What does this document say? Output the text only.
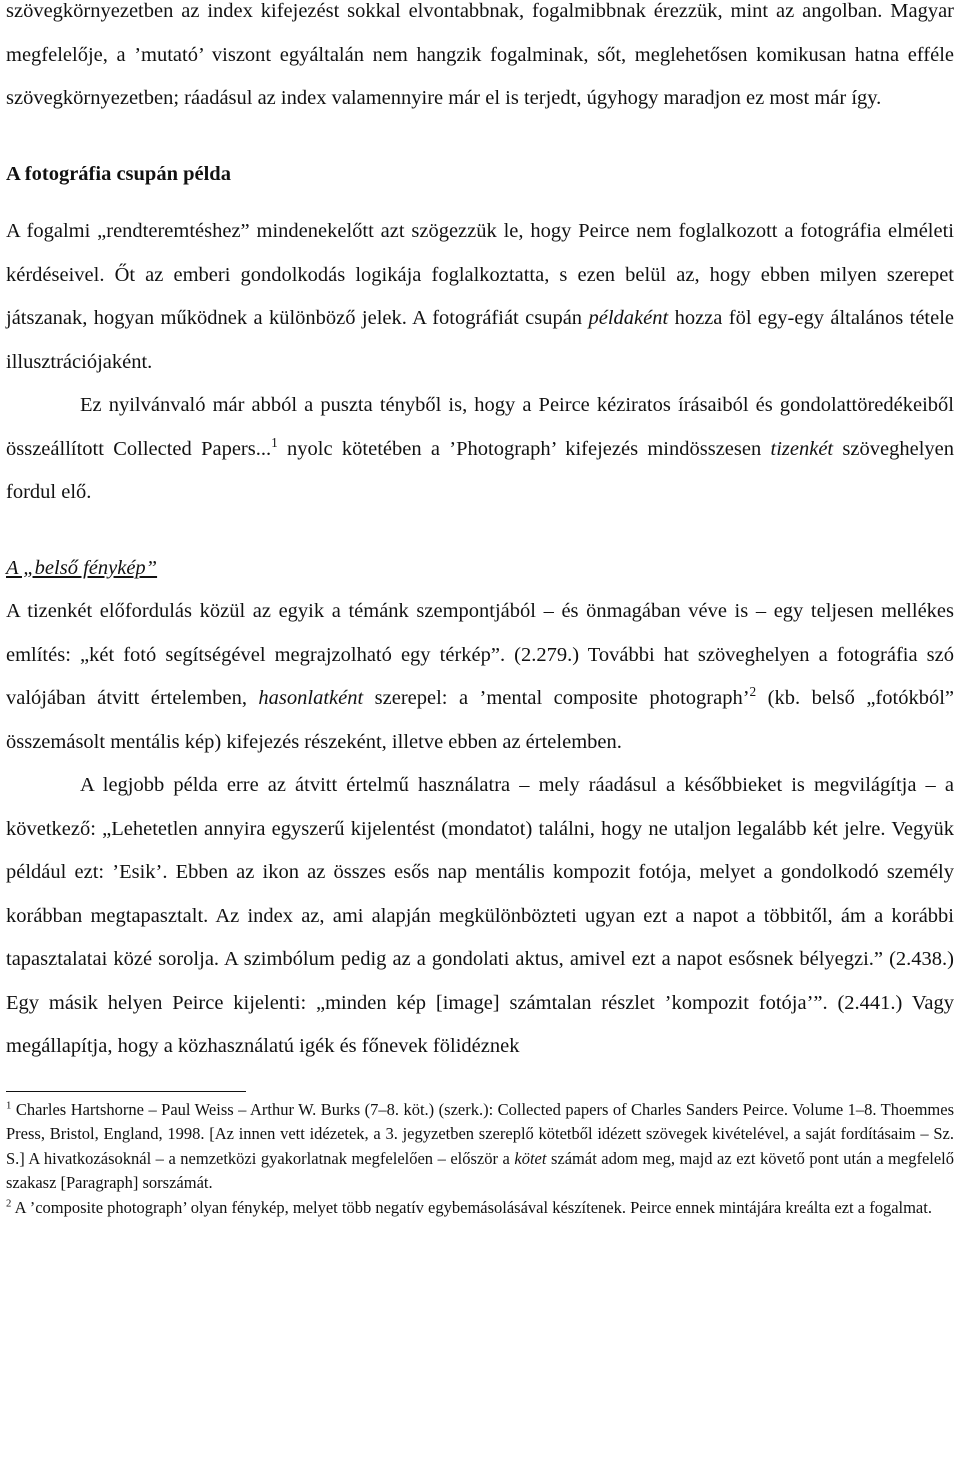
szövegkörnyezetben az index kifejezést sokkal elvontabbnak, fogalmibbnak érezzük, mint az angolban. Magyar megfelelője, a ’mutató’ viszont egyáltalán nem hangzik fogalminak, sőt, meglehetősen komikusan hatna efféle szövegkörnyezetben; ráadásul az index valamennyire már el is terjedt, úgyhogy maradjon ez most már így.

A fotográfia csupán példa

A fogalmi „rendteremtéshez” mindenekelőtt azt szögezzük le, hogy Peirce nem foglalkozott a fotográfia elméleti kérdéseivel. Őt az emberi gondolkodás logikája foglalkoztatta, s ezen belül az, hogy ebben milyen szerepet játszanak, hogyan működnek a különböző jelek. A fotográfiát csupán példaként hozza föl egy-egy általános tétele illusztrációjaként.

Ez nyilvánvaló már abból a puszta tényből is, hogy a Peirce kéziratos írásaiból és gondolattöredékeiből összeállított Collected Papers...$^1$ nyolc kötetében a ’Photograph’ kifejezés mindösszesen tizenkét szöveghelyen fordul elő.

A „belső fénykép”

A tizenkét előfordulás közül az egyik a témánk szempontjából – és önmagában véve is – egy teljesen mellékes említés: „két fotó segítségével megrajzolható egy térkép”. (2.279.) További hat szöveghelyen a fotográfia szó valójában átvitt értelemben, hasonlatként szerepel: a ’mental composite photograph’$^2$ (kb. belső „fotókból” összemásolt mentális kép) kifejezés részeként, illetve ebben az értelemben.

A legjobb példa erre az átvitt értelmű használatra – mely ráadásul a későbbieket is megvilágítja – a következő: „Lehetetlen annyira egyszerű kijelentést (mondatot) találni, hogy ne utaljon legalább két jelre. Vegyük például ezt: ’Esik’. Ebben az ikon az összes esős nap mentális kompozit fotója, melyet a gondolkodó személy korábban megtapasztalt. Az index az, ami alapján megkülönbözteti ugyan ezt a napot a többitől, ám a korábbi tapasztalatai közé sorolja. A szimbólum pedig az a gondolati aktus, amivel ezt a napot esősnek bélyegzi.” (2.438.) Egy másik helyen Peirce kijelenti: „minden kép [image] számtalan részlet ’kompozit fotója’”. (2.441.) Vagy megállapítja, hogy a közhasználatú igék és főnevek fölidéznek

$^1$ Charles Hartshorne – Paul Weiss – Arthur W. Burks (7–8. köt.) (szerk.): Collected papers of Charles Sanders Peirce. Volume 1–8. Thoemmes Press, Bristol, England, 1998. [Az innen vett idézetek, a 3. jegyzetben szereplő kötetből idézett szövegek kivételével, a saját fordításaim – Sz. S.] A hivatkozásoknál – a nemzetközi gyakorlatnak megfelelően – először a kötet számát adom meg, majd az ezt követő pont után a megfelelő szakasz [Paragraph] sorszámát.

$^2$ A ’composite photograph’ olyan fénykép, melyet több negatív egybemásolásával készítenek. Peirce ennek mintájára kreálta ezt a fogalmat.
